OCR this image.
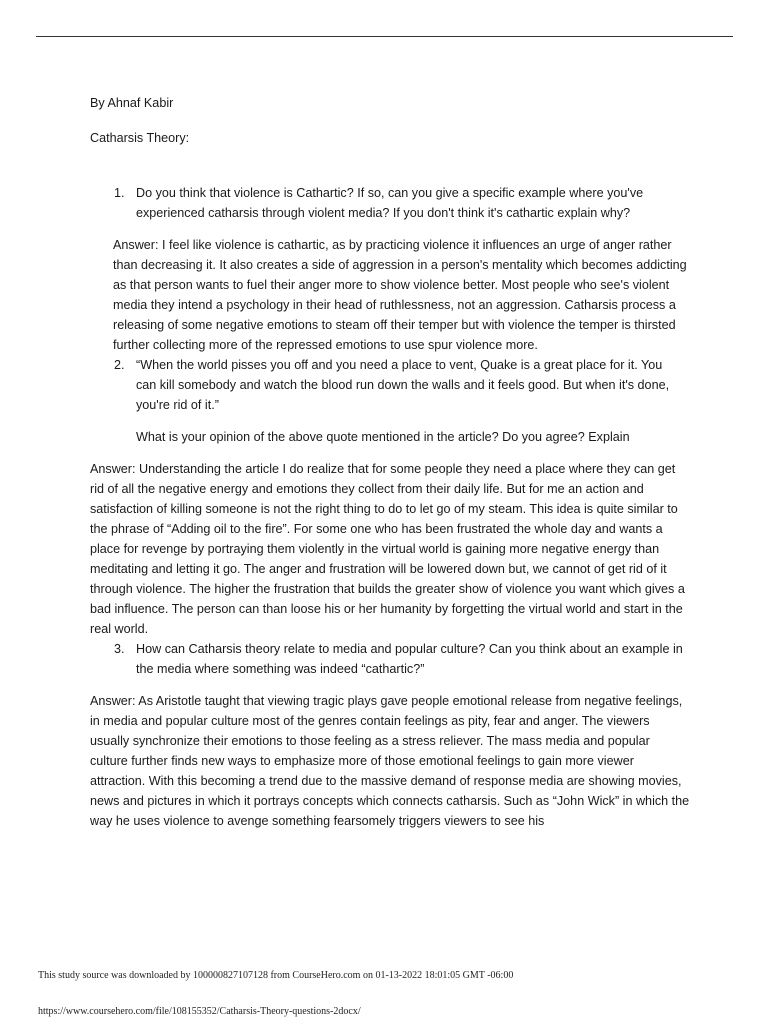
By Ahnaf Kabir

Catharsis Theory:

1. Do you think that violence is Cathartic? If so, can you give a specific example where you've experienced catharsis through violent media? If you don't think it's cathartic explain why?

Answer: I feel like violence is cathartic, as by practicing violence it influences an urge of anger rather than decreasing it. It also creates a side of aggression in a person's mentality which becomes addicting as that person wants to fuel their anger more to show violence better. Most people who see's violent media they intend a psychology in their head of ruthlessness, not an aggression. Catharsis process a releasing of some negative emotions to steam off their temper but with violence the temper is thirsted further collecting more of the repressed emotions to use spur violence more.

2. “When the world pisses you off and you need a place to vent, Quake is a great place for it. You can kill somebody and watch the blood run down the walls and it feels good. But when it's done, you're rid of it.”

What is your opinion of the above quote mentioned in the article? Do you agree? Explain

Answer: Understanding the article I do realize that for some people they need a place where they can get rid of all the negative energy and emotions they collect from their daily life. But for me an action and satisfaction of killing someone is not the right thing to do to let go of my steam. This idea is quite similar to the phrase of “Adding oil to the fire”. For some one who has been frustrated the whole day and wants a place for revenge by portraying them violently in the virtual world is gaining more negative energy than meditating and letting it go. The anger and frustration will be lowered down but, we cannot of get rid of it through violence. The higher the frustration that builds the greater show of violence you want which gives a bad influence. The person can than loose his or her humanity by forgetting the virtual world and start in the real world.

3. How can Catharsis theory relate to media and popular culture? Can you think about an example in the media where something was indeed “cathartic?”

Answer: As Aristotle taught that viewing tragic plays gave people emotional release from negative feelings, in media and popular culture most of the genres contain feelings as pity, fear and anger. The viewers usually synchronize their emotions to those feeling as a stress reliever. The mass media and popular culture further finds new ways to emphasize more of those emotional feelings to gain more viewer attraction. With this becoming a trend due to the massive demand of response media are showing movies, news and pictures in which it portrays concepts which connects catharsis. Such as “John Wick” in which the way he uses violence to avenge something fearsomely triggers viewers to see his

This study source was downloaded by 100000827107128 from CourseHero.com on 01-13-2022 18:01:05 GMT -06:00
https://www.coursehero.com/file/108155352/Catharsis-Theory-questions-2docx/
